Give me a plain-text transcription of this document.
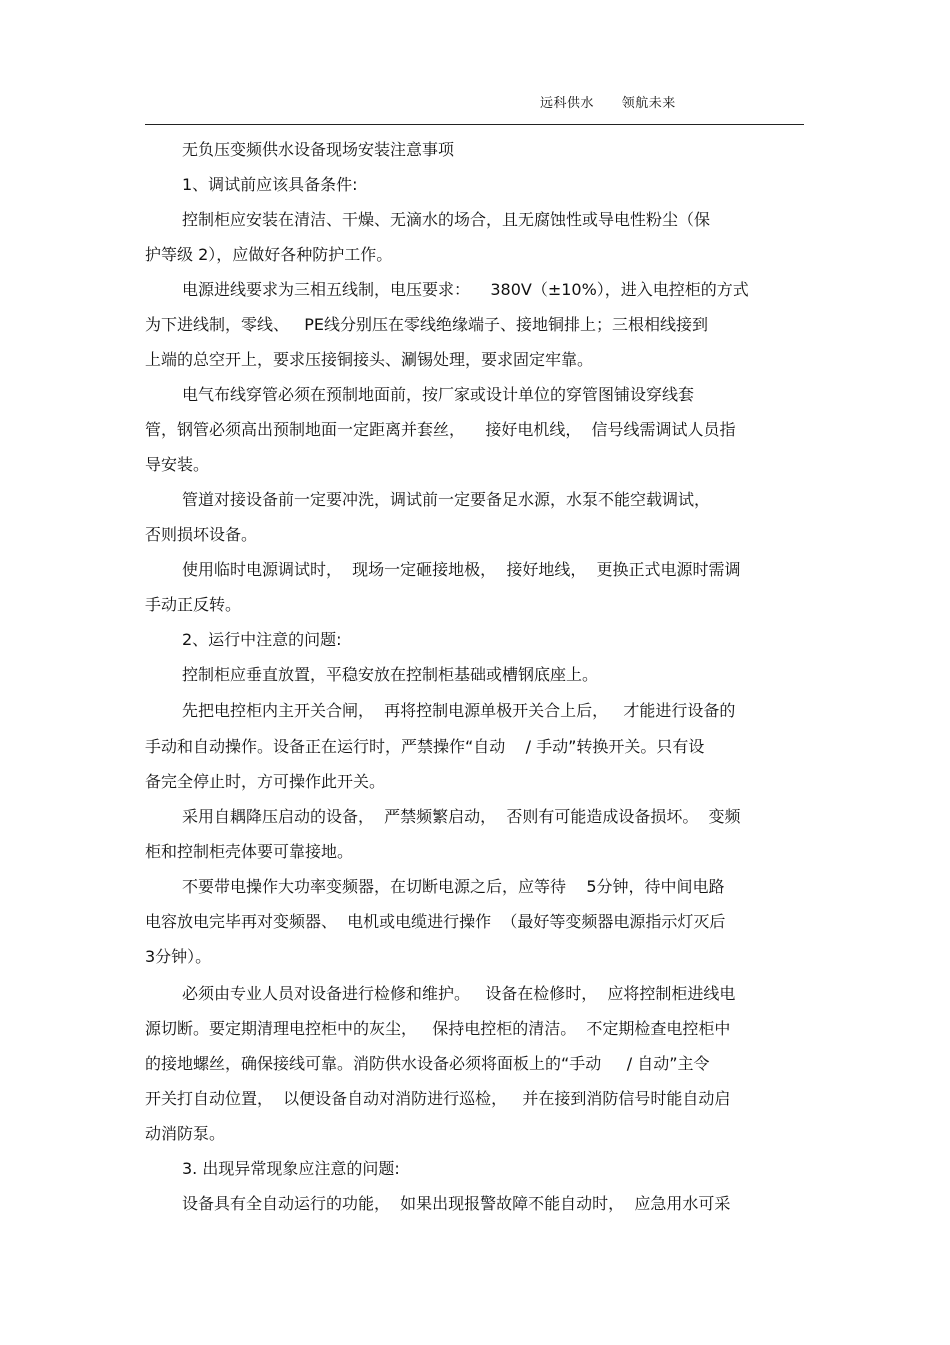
远科供水      领航未来
无负压变频供水设备现场安装注意事项
1、调试前应该具备条件:
控制柜应安装在清洁、干燥、无滴水的场合，且无腐蚀性或导电性粉尘（保
护等级 2），应做好各种防护工作。
电源进线要求为三相五线制，电压要求：    380V（±10%），进入电控柜的方式
为下进线制，零线、   PE线分别压在零线绝缘端子、接地铜排上；三根相线接到
上端的总空开上，要求压接铜接头、涮锡处理，要求固定牢靠。
电气布线穿管必须在预制地面前，按厂家或设计单位的穿管图铺设穿线套
管，钢管必须高出预制地面一定距离并套丝，    接好电机线，  信号线需调试人员指
导安装。
管道对接设备前一定要冲洗，调试前一定要备足水源，水泵不能空载调试，
否则损坏设备。
使用临时电源调试时，  现场一定砸接地极，  接好地线，  更换正式电源时需调
手动正反转。
2、运行中注意的问题:
控制柜应垂直放置，平稳安放在控制柜基础或槽钢底座上。
先把电控柜内主开关合闸，  再将控制电源单极开关合上后，   才能进行设备的
手动和自动操作。设备正在运行时，严禁操作“自动    / 手动”转换开关。只有设
备完全停止时，方可操作此开关。
采用自耦降压启动的设备，  严禁频繁启动，  否则有可能造成设备损坏。  变频
柜和控制柜壳体要可靠接地。
不要带电操作大功率变频器，在切断电源之后，应等待    5分钟，待中间电路
电容放电完毕再对变频器、  电机或电缆进行操作  （最好等变频器电源指示灯灭后
3分钟）。
必须由专业人员对设备进行检修和维护。   设备在检修时，  应将控制柜进线电
源切断。要定期清理电控柜中的灰尘，   保持电控柜的清洁。  不定期检查电控柜中
的接地螺丝，确保接线可靠。消防供水设备必须将面板上的“手动     / 自动”主令
开关打自动位置，  以便设备自动对消防进行巡检，   并在接到消防信号时能自动启
动消防泵。
3. 出现异常现象应注意的问题:
设备具有全自动运行的功能，  如果出现报警故障不能自动时，  应急用水可采
